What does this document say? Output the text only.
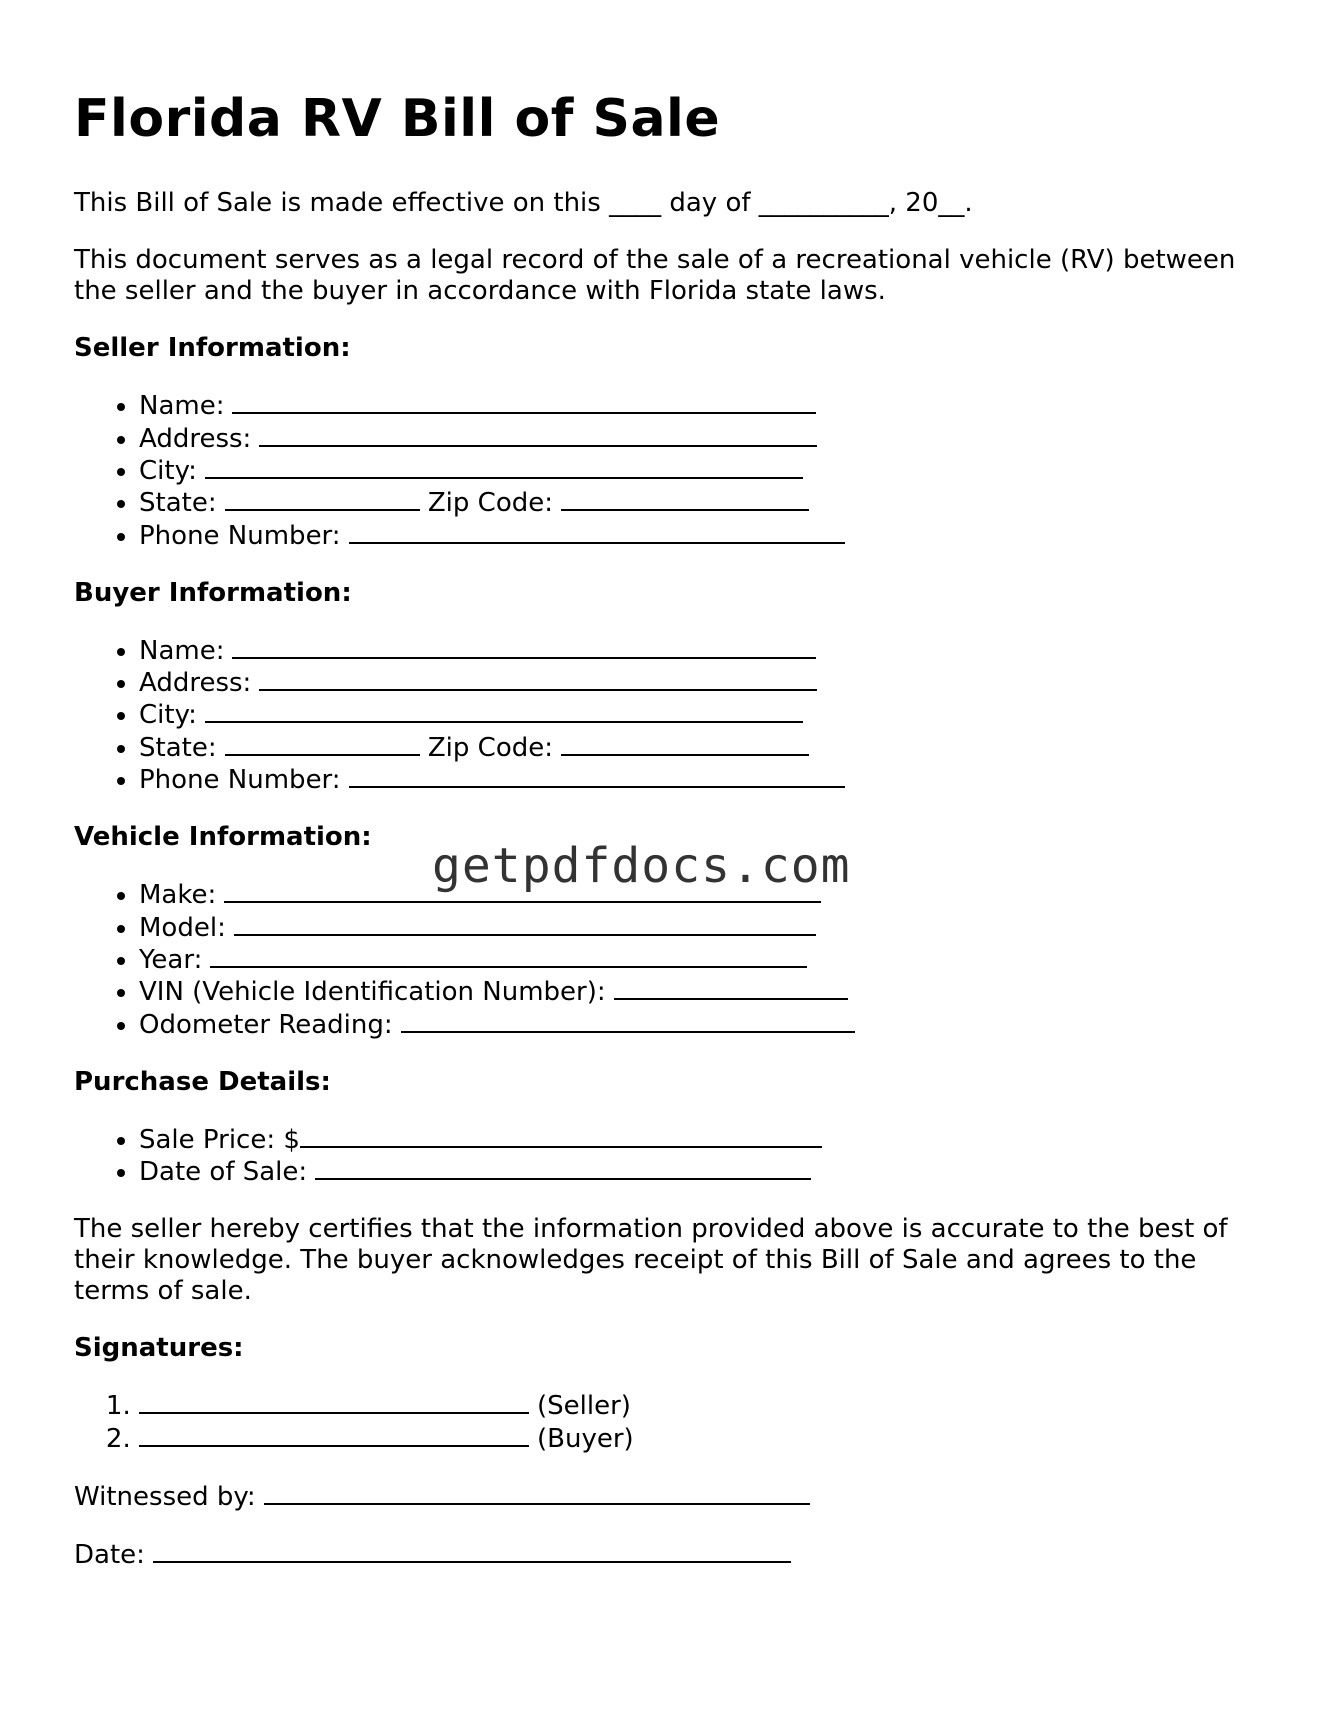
Florida RV Bill of Sale

This Bill of Sale is made effective on this ____ day of __________, 20__.

This document serves as a legal record of the sale of a recreational vehicle (RV) between the seller and the buyer in accordance with Florida state laws.

Seller Information:
• Name:
• Address:
• City:
• State:	Zip Code:
• Phone Number:
Buyer Information:
• Name:
• Address:
• City:
• State:	Zip Code:
• Phone Number:
Vehicle Information:
• Make:
• Model:
• Year:
• VIN (Vehicle Identification Number):
• Odometer Reading:
Purchase Details:
• Sale Price: $
• Date of Sale:

The seller hereby certifies that the information provided above is accurate to the best of their knowledge. The buyer acknowledges receipt of this Bill of Sale and agrees to the terms of sale.

Signatures:
1. (Seller)
2. (Buyer)

Witnessed by:

Date:

getpdfdocs.com
